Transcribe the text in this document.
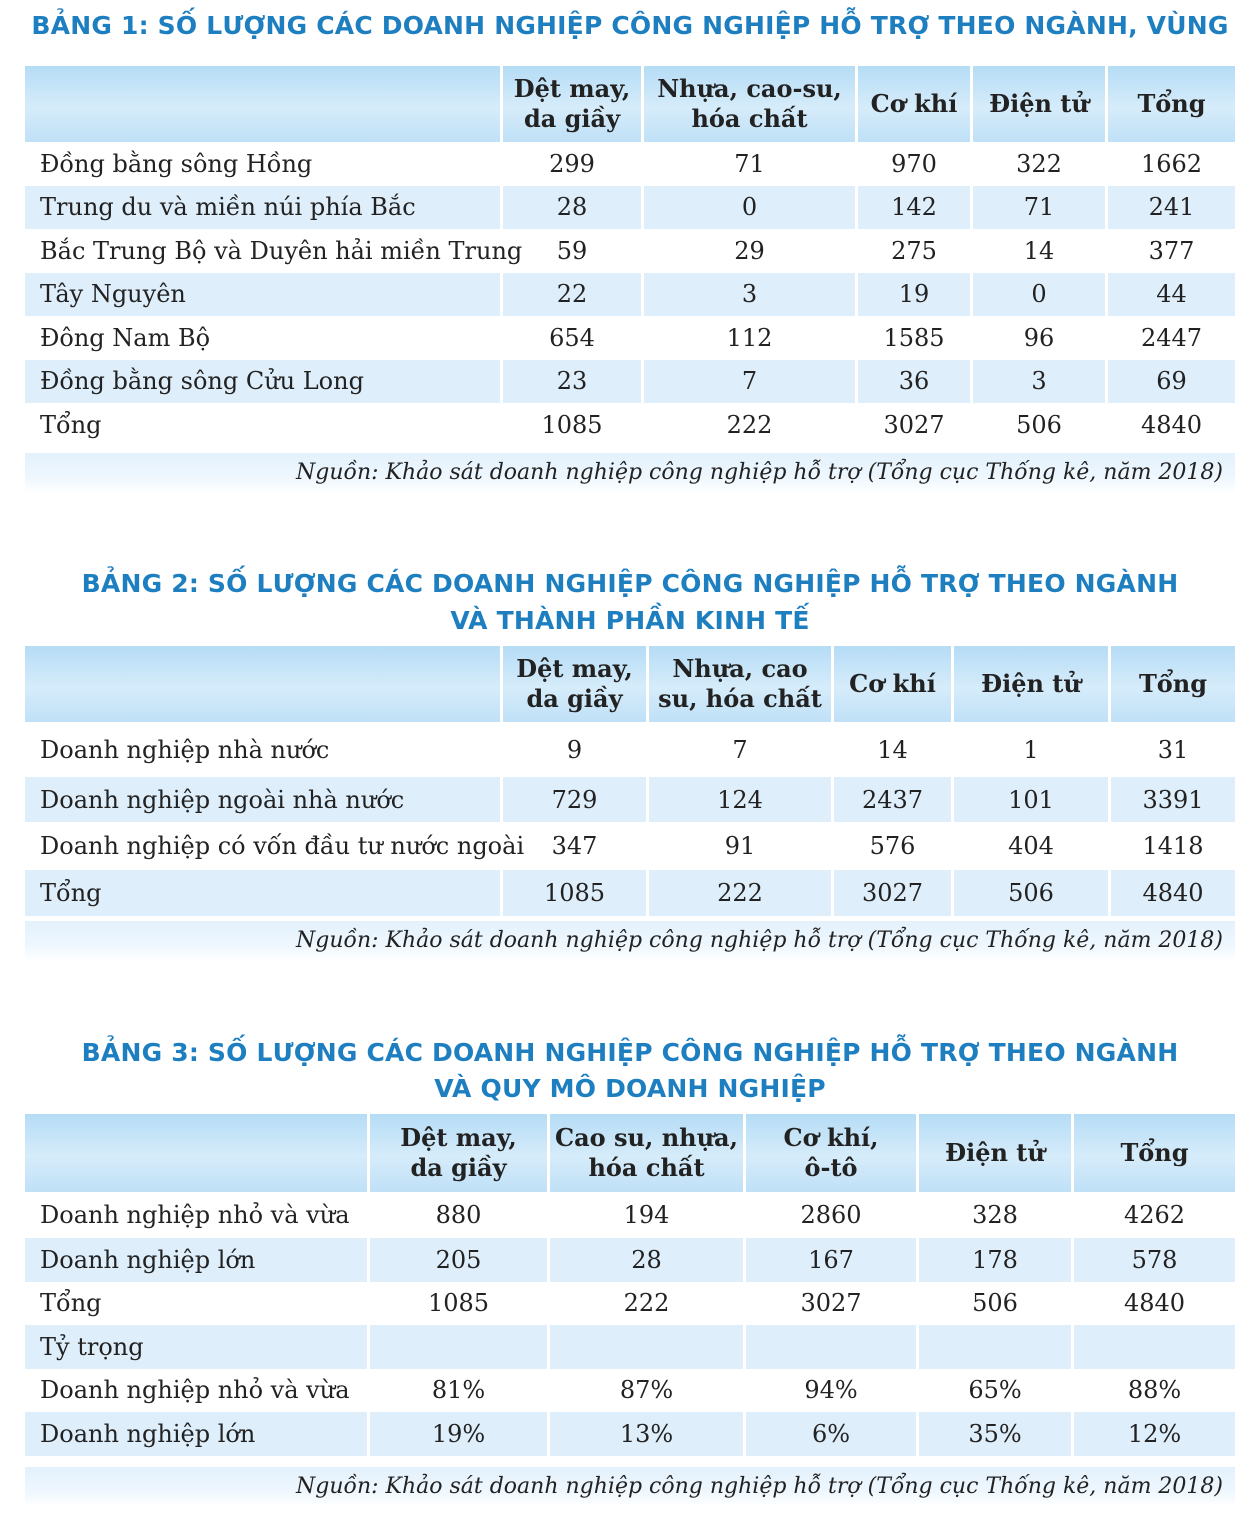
BẢNG 1: SỐ LƯỢNG CÁC DOANH NGHIỆP CÔNG NGHIỆP HỖ TRỢ THEO NGÀNH, VÙNG
	Dệt may,
da giầy	Nhựa, cao-su,
hóa chất	Cơ khí	Điện tử	Tổng
Đồng bằng sông Hồng	299	71	970	322	1662
Trung du và miền núi phía Bắc	28	0	142	71	241
Bắc Trung Bộ và Duyên hải miền Trung	59	29	275	14	377
Tây Nguyên	22	3	19	0	44
Đông Nam Bộ	654	112	1585	96	2447
Đồng bằng sông Cửu Long	23	7	36	3	69
Tổng	1085	222	3027	506	4840
Nguồn: Khảo sát doanh nghiệp công nghiệp hỗ trợ (Tổng cục Thống kê, năm 2018)
BẢNG 2: SỐ LƯỢNG CÁC DOANH NGHIỆP CÔNG NGHIỆP HỖ TRỢ THEO NGÀNH
VÀ THÀNH PHẦN KINH TẾ
	Dệt may,
da giầy	Nhựa, cao
su, hóa chất	Cơ khí	Điện tử	Tổng
Doanh nghiệp nhà nước	9	7	14	1	31
Doanh nghiệp ngoài nhà nước	729	124	2437	101	3391
Doanh nghiệp có vốn đầu tư nước ngoài	347	91	576	404	1418
Tổng	1085	222	3027	506	4840
Nguồn: Khảo sát doanh nghiệp công nghiệp hỗ trợ (Tổng cục Thống kê, năm 2018)
BẢNG 3: SỐ LƯỢNG CÁC DOANH NGHIỆP CÔNG NGHIỆP HỖ TRỢ THEO NGÀNH
VÀ QUY MÔ DOANH NGHIỆP
	Dệt may,
da giầy	Cao su, nhựa,
hóa chất	Cơ khí,
ô-tô	Điện tử	Tổng
Doanh nghiệp nhỏ và vừa	880	194	2860	328	4262
Doanh nghiệp lớn	205	28	167	178	578
Tổng	1085	222	3027	506	4840
Tỷ trọng					
Doanh nghiệp nhỏ và vừa	81%	87%	94%	65%	88%
Doanh nghiệp lớn	19%	13%	6%	35%	12%
Nguồn: Khảo sát doanh nghiệp công nghiệp hỗ trợ (Tổng cục Thống kê, năm 2018)
